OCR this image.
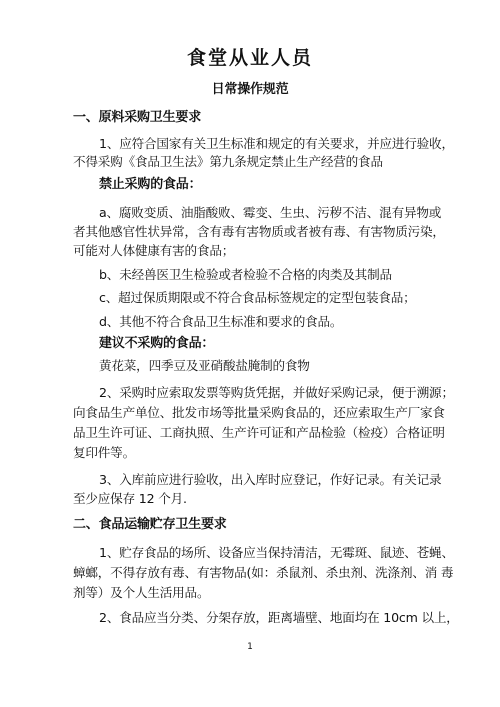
食堂从业人员
日常操作规范
一、原料采购卫生要求
1、应符合国家有关卫生标准和规定的有关要求，并应进行验收，
不得采购《食品卫生法》第九条规定禁止生产经营的食品
禁止采购的食品：
a、腐败变质、油脂酸败、霉变、生虫、污秽不洁、混有异物或
者其他感官性状异常，含有毒有害物质或者被有毒、有害物质污染，
可能对人体健康有害的食品；
b、未经兽医卫生检验或者检验不合格的肉类及其制品
c、超过保质期限或不符合食品标签规定的定型包装食品；
d、其他不符合食品卫生标准和要求的食品。
建议不采购的食品：
黄花菜，四季豆及亚硝酸盐腌制的食物
2、采购时应索取发票等购货凭据，并做好采购记录，便于溯源；
向食品生产单位、批发市场等批量采购食品的，还应索取生产厂家食
品卫生许可证、工商执照、生产许可证和产品检验（检疫）合格证明
复印件等。
3、入库前应进行验收，出入库时应登记，作好记录。有关记录
至少应保存 12 个月.
二、食品运输贮存卫生要求
1、贮存食品的场所、设备应当保持清洁，无霉斑、鼠迹、苍蝇、
蟑螂，不得存放有毒、有害物品(如：杀鼠剂、杀虫剂、洗涤剂、消 毒
剂等）及个人生活用品。
2、食品应当分类、分架存放，距离墙壁、地面均在 10cm 以上，
1
